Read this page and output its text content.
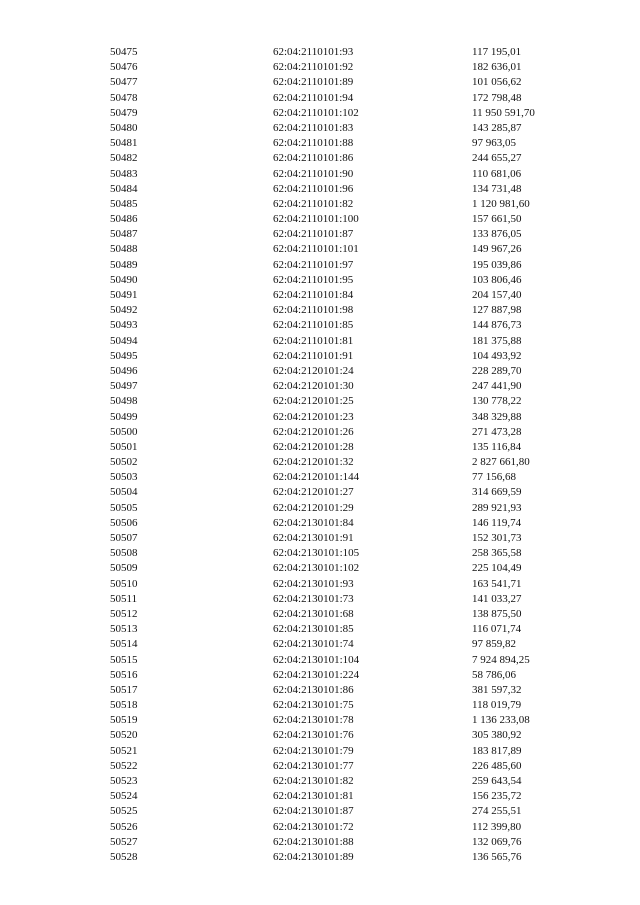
50475	62:04:2110101:93	117 195,01
50476	62:04:2110101:92	182 636,01
50477	62:04:2110101:89	101 056,62
50478	62:04:2110101:94	172 798,48
50479	62:04:2110101:102	11 950 591,70
50480	62:04:2110101:83	143 285,87
50481	62:04:2110101:88	97 963,05
50482	62:04:2110101:86	244 655,27
50483	62:04:2110101:90	110 681,06
50484	62:04:2110101:96	134 731,48
50485	62:04:2110101:82	1 120 981,60
50486	62:04:2110101:100	157 661,50
50487	62:04:2110101:87	133 876,05
50488	62:04:2110101:101	149 967,26
50489	62:04:2110101:97	195 039,86
50490	62:04:2110101:95	103 806,46
50491	62:04:2110101:84	204 157,40
50492	62:04:2110101:98	127 887,98
50493	62:04:2110101:85	144 876,73
50494	62:04:2110101:81	181 375,88
50495	62:04:2110101:91	104 493,92
50496	62:04:2120101:24	228 289,70
50497	62:04:2120101:30	247 441,90
50498	62:04:2120101:25	130 778,22
50499	62:04:2120101:23	348 329,88
50500	62:04:2120101:26	271 473,28
50501	62:04:2120101:28	135 116,84
50502	62:04:2120101:32	2 827 661,80
50503	62:04:2120101:144	77 156,68
50504	62:04:2120101:27	314 669,59
50505	62:04:2120101:29	289 921,93
50506	62:04:2130101:84	146 119,74
50507	62:04:2130101:91	152 301,73
50508	62:04:2130101:105	258 365,58
50509	62:04:2130101:102	225 104,49
50510	62:04:2130101:93	163 541,71
50511	62:04:2130101:73	141 033,27
50512	62:04:2130101:68	138 875,50
50513	62:04:2130101:85	116 071,74
50514	62:04:2130101:74	97 859,82
50515	62:04:2130101:104	7 924 894,25
50516	62:04:2130101:224	58 786,06
50517	62:04:2130101:86	381 597,32
50518	62:04:2130101:75	118 019,79
50519	62:04:2130101:78	1 136 233,08
50520	62:04:2130101:76	305 380,92
50521	62:04:2130101:79	183 817,89
50522	62:04:2130101:77	226 485,60
50523	62:04:2130101:82	259 643,54
50524	62:04:2130101:81	156 235,72
50525	62:04:2130101:87	274 255,51
50526	62:04:2130101:72	112 399,80
50527	62:04:2130101:88	132 069,76
50528	62:04:2130101:89	136 565,76
